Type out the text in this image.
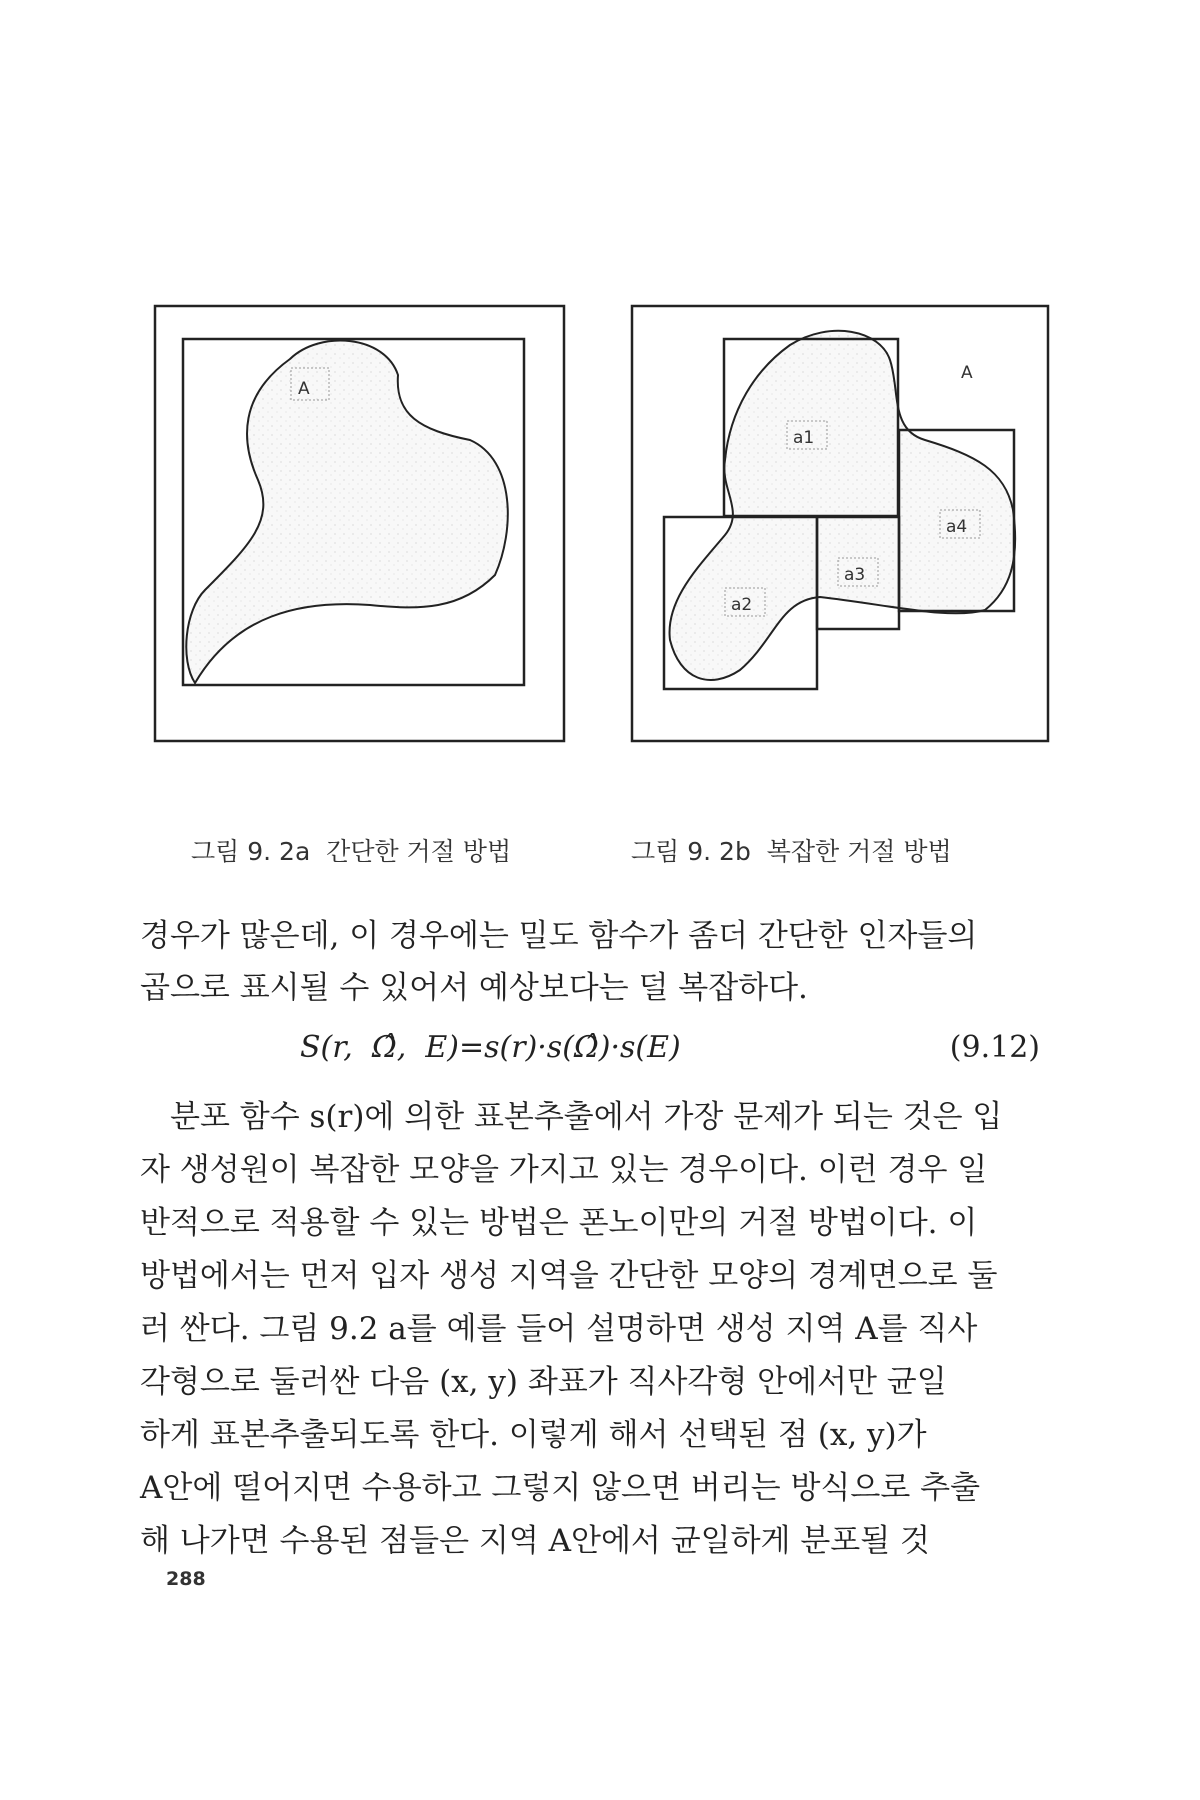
A
A
a1
a2
a3
a4
그림 9. 2a  간단한 거절 방법	그림 9. 2b  복잡한 거절 방법
경우가 많은데, 이 경우에는 밀도 함수가 좀더 간단한 인자들의
곱으로 표시될 수 있어서 예상보다는 덜 복잡하다.
S(r,  Ω̂,  E)=s(r)·s(Ω̂)·s(E)	(9.12)
분포 함수 s(r)에 의한 표본추출에서 가장 문제가 되는 것은 입
자 생성원이 복잡한 모양을 가지고 있는 경우이다. 이런 경우 일
반적으로 적용할 수 있는 방법은 폰노이만의 거절 방법이다. 이
방법에서는 먼저 입자 생성 지역을 간단한 모양의 경계면으로 둘
러 싼다. 그림 9.2 a를 예를 들어 설명하면 생성 지역 A를 직사
각형으로 둘러싼 다음 (x, y) 좌표가 직사각형 안에서만 균일
하게 표본추출되도록 한다. 이렇게 해서 선택된 점 (x, y)가
A안에 떨어지면 수용하고 그렇지 않으면 버리는 방식으로 추출
해 나가면 수용된 점들은 지역 A안에서 균일하게 분포될 것
288
